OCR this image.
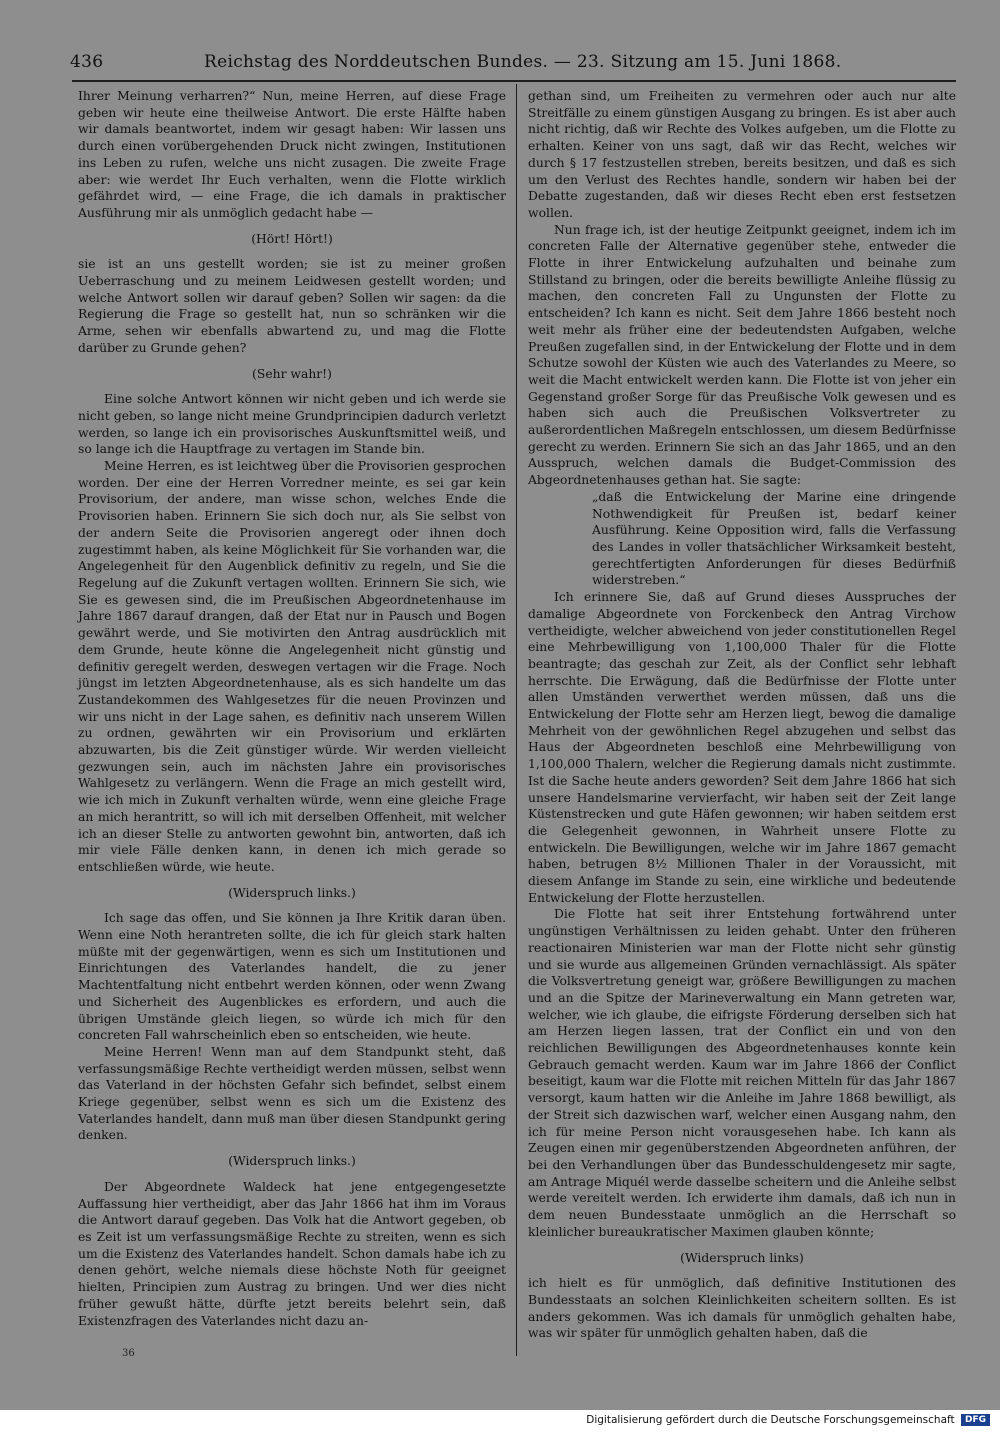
436	Reichstag des Norddeutschen Bundes. — 23. Sitzung am 15. Juni 1868.

Ihrer Meinung verharren?“ Nun, meine Herren, auf diese Frage geben wir heute eine theilweise Antwort. Die erste Hälfte haben wir damals beantwortet, indem wir gesagt haben: Wir lassen uns durch einen vorübergehenden Druck nicht zwingen, Institutionen ins Leben zu rufen, welche uns nicht zusagen. Die zweite Frage aber: wie werdet Ihr Euch verhalten, wenn die Flotte wirklich gefährdet wird, — eine Frage, die ich damals in praktischer Ausführung mir als unmöglich gedacht habe —

(Hört! Hört!)

sie ist an uns gestellt worden; sie ist zu meiner großen Ueberraschung und zu meinem Leidwesen gestellt worden; und welche Antwort sollen wir darauf geben? Sollen wir sagen: da die Regierung die Frage so gestellt hat, nun so schränken wir die Arme, sehen wir ebenfalls abwartend zu, und mag die Flotte darüber zu Grunde gehen?

(Sehr wahr!)

Eine solche Antwort können wir nicht geben und ich werde sie nicht geben, so lange nicht meine Grundprincipien dadurch verletzt werden, so lange ich ein provisorisches Auskunftsmittel weiß, und so lange ich die Hauptfrage zu vertagen im Stande bin.

Meine Herren, es ist leichtweg über die Provisorien gesprochen worden. Der eine der Herren Vorredner meinte, es sei gar kein Provisorium, der andere, man wisse schon, welches Ende die Provisorien haben. Erinnern Sie sich doch nur, als Sie selbst von der andern Seite die Provisorien angeregt oder ihnen doch zugestimmt haben, als keine Möglichkeit für Sie vorhanden war, die Angelegenheit für den Augenblick definitiv zu regeln, und Sie die Regelung auf die Zukunft vertagen wollten. Erinnern Sie sich, wie Sie es gewesen sind, die im Preußischen Abgeordnetenhause im Jahre 1867 darauf drangen, daß der Etat nur in Pausch und Bogen gewährt werde, und Sie motivirten den Antrag ausdrücklich mit dem Grunde, heute könne die Angelegenheit nicht günstig und definitiv geregelt werden, deswegen vertagen wir die Frage. Noch jüngst im letzten Abgeordnetenhause, als es sich handelte um das Zustandekommen des Wahlgesetzes für die neuen Provinzen und wir uns nicht in der Lage sahen, es definitiv nach unserem Willen zu ordnen, gewährten wir ein Provisorium und erklärten abzuwarten, bis die Zeit günstiger würde. Wir werden vielleicht gezwungen sein, auch im nächsten Jahre ein provisorisches Wahlgesetz zu verlängern. Wenn die Frage an mich gestellt wird, wie ich mich in Zukunft verhalten würde, wenn eine gleiche Frage an mich herantritt, so will ich mit derselben Offenheit, mit welcher ich an dieser Stelle zu antworten gewohnt bin, antworten, daß ich mir viele Fälle denken kann, in denen ich mich gerade so entschließen würde, wie heute.

(Widerspruch links.)

Ich sage das offen, und Sie können ja Ihre Kritik daran üben. Wenn eine Noth herantreten sollte, die ich für gleich stark halten müßte mit der gegenwärtigen, wenn es sich um Institutionen und Einrichtungen des Vaterlandes handelt, die zu jener Machtentfaltung nicht entbehrt werden können, oder wenn Zwang und Sicherheit des Augenblickes es erfordern, und auch die übrigen Umstände gleich liegen, so würde ich mich für den concreten Fall wahrscheinlich eben so entscheiden, wie heute.

Meine Herren! Wenn man auf dem Standpunkt steht, daß verfassungsmäßige Rechte vertheidigt werden müssen, selbst wenn das Vaterland in der höchsten Gefahr sich befindet, selbst einem Kriege gegenüber, selbst wenn es sich um die Existenz des Vaterlandes handelt, dann muß man über diesen Standpunkt gering denken.

(Widerspruch links.)

Der Abgeordnete Waldeck hat jene entgegengesetzte Auffassung hier vertheidigt, aber das Jahr 1866 hat ihm im Voraus die Antwort darauf gegeben. Das Volk hat die Antwort gegeben, ob es Zeit ist um verfassungsmäßige Rechte zu streiten, wenn es sich um die Existenz des Vaterlandes handelt. Schon damals habe ich zu denen gehört, welche niemals diese höchste Noth für geeignet hielten, Principien zum Austrag zu bringen. Und wer dies nicht früher gewußt hätte, dürfte jetzt bereits belehrt sein, daß Existenzfragen des Vaterlandes nicht dazu an-

gethan sind, um Freiheiten zu vermehren oder auch nur alte Streitfälle zu einem günstigen Ausgang zu bringen. Es ist aber auch nicht richtig, daß wir Rechte des Volkes aufgeben, um die Flotte zu erhalten. Keiner von uns sagt, daß wir das Recht, welches wir durch § 17 festzustellen streben, bereits besitzen, und daß es sich um den Verlust des Rechtes handle, sondern wir haben bei der Debatte zugestanden, daß wir dieses Recht eben erst festsetzen wollen.

Nun frage ich, ist der heutige Zeitpunkt geeignet, indem ich im concreten Falle der Alternative gegenüber stehe, entweder die Flotte in ihrer Entwickelung aufzuhalten und beinahe zum Stillstand zu bringen, oder die bereits bewilligte Anleihe flüssig zu machen, den concreten Fall zu Ungunsten der Flotte zu entscheiden? Ich kann es nicht. Seit dem Jahre 1866 besteht noch weit mehr als früher eine der bedeutendsten Aufgaben, welche Preußen zugefallen sind, in der Entwickelung der Flotte und in dem Schutze sowohl der Küsten wie auch des Vaterlandes zu Meere, so weit die Macht entwickelt werden kann. Die Flotte ist von jeher ein Gegenstand großer Sorge für das Preußische Volk gewesen und es haben sich auch die Preußischen Volksvertreter zu außerordentlichen Maßregeln entschlossen, um diesem Bedürfnisse gerecht zu werden. Erinnern Sie sich an das Jahr 1865, und an den Ausspruch, welchen damals die Budget-Commission des Abgeordnetenhauses gethan hat. Sie sagte:

„daß die Entwickelung der Marine eine dringende Nothwendigkeit für Preußen ist, bedarf keiner Ausführung. Keine Opposition wird, falls die Verfassung des Landes in voller thatsächlicher Wirksamkeit besteht, gerechtfertigten Anforderungen für dieses Bedürfniß widerstreben.“

Ich erinnere Sie, daß auf Grund dieses Ausspruches der damalige Abgeordnete von Forckenbeck den Antrag Virchow vertheidigte, welcher abweichend von jeder constitutionellen Regel eine Mehrbewilligung von 1,100,000 Thaler für die Flotte beantragte; das geschah zur Zeit, als der Conflict sehr lebhaft herrschte. Die Erwägung, daß die Bedürfnisse der Flotte unter allen Umständen verwerthet werden müssen, daß uns die Entwickelung der Flotte sehr am Herzen liegt, bewog die damalige Mehrheit von der gewöhnlichen Regel abzugehen und selbst das Haus der Abgeordneten beschloß eine Mehrbewilligung von 1,100,000 Thalern, welcher die Regierung damals nicht zustimmte. Ist die Sache heute anders geworden? Seit dem Jahre 1866 hat sich unsere Handelsmarine vervierfacht, wir haben seit der Zeit lange Küstenstrecken und gute Häfen gewonnen; wir haben seitdem erst die Gelegenheit gewonnen, in Wahrheit unsere Flotte zu entwickeln. Die Bewilligungen, welche wir im Jahre 1867 gemacht haben, betrugen 8½ Millionen Thaler in der Voraussicht, mit diesem Anfange im Stande zu sein, eine wirkliche und bedeutende Entwickelung der Flotte herzustellen.

Die Flotte hat seit ihrer Entstehung fortwährend unter ungünstigen Verhältnissen zu leiden gehabt. Unter den früheren reactionairen Ministerien war man der Flotte nicht sehr günstig und sie wurde aus allgemeinen Gründen vernachlässigt. Als später die Volksvertretung geneigt war, größere Bewilligungen zu machen und an die Spitze der Marineverwaltung ein Mann getreten war, welcher, wie ich glaube, die eifrigste Förderung derselben sich hat am Herzen liegen lassen, trat der Conflict ein und von den reichlichen Bewilligungen des Abgeordnetenhauses konnte kein Gebrauch gemacht werden. Kaum war im Jahre 1866 der Conflict beseitigt, kaum war die Flotte mit reichen Mitteln für das Jahr 1867 versorgt, kaum hatten wir die Anleihe im Jahre 1868 bewilligt, als der Streit sich dazwischen warf, welcher einen Ausgang nahm, den ich für meine Person nicht vorausgesehen habe. Ich kann als Zeugen einen mir gegenüberstzenden Abgeordneten anführen, der bei den Verhandlungen über das Bundesschuldengesetz mir sagte, am Antrage Miquél werde dasselbe scheitern und die Anleihe selbst werde vereitelt werden. Ich erwiderte ihm damals, daß ich nun in dem neuen Bundesstaate unmöglich an die Herrschaft so kleinlicher bureaukratischer Maximen glauben könnte;

(Widerspruch links)

ich hielt es für unmöglich, daß definitive Institutionen des Bundesstaats an solchen Kleinlichkeiten scheitern sollten. Es ist anders gekommen. Was ich damals für unmöglich gehalten habe, was wir später für unmöglich gehalten haben, daß die

36
Digitalisierung gefördert durch die Deutsche Forschungsgemeinschaft DFG
